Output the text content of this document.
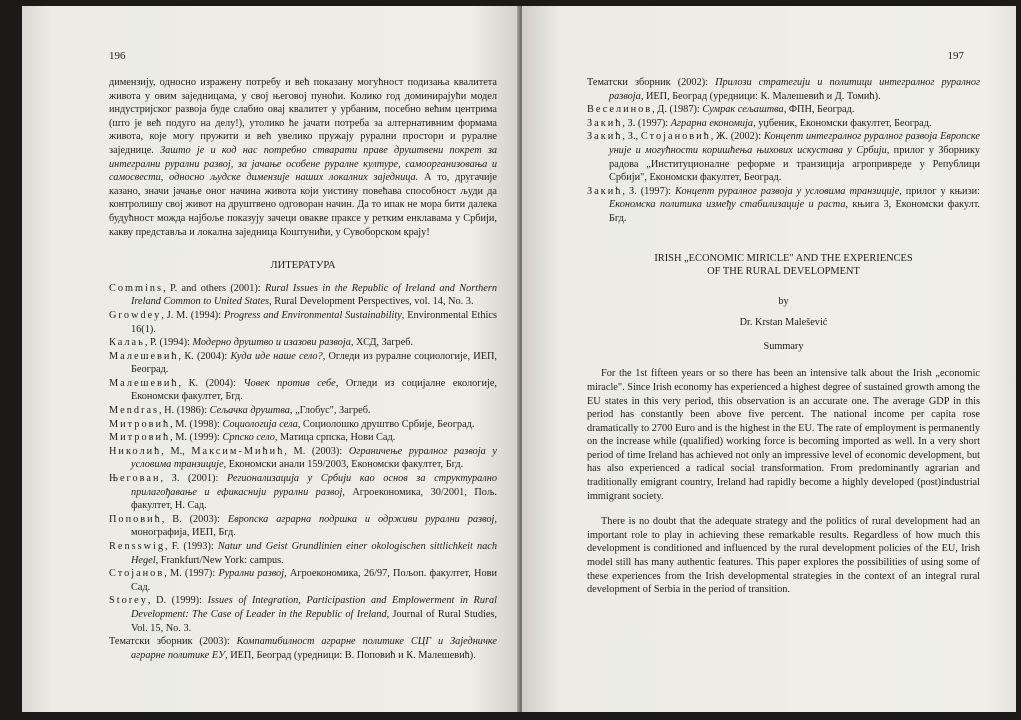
196

димензију, односно изражену потребу и већ показану могућност подизања квалитета живота у овим заједницама, у свој његовој пуноћи. Колико год доминирајући модел индустријског развоја буде слабио овај квалитет у урбаним, посебно већим центрима (што је већ подуго на делу!), утолико ће јачати потреба за алтернативним формама живота, које могу пружити и већ увелико пружају рурални простори и руралне заједнице. Зашто је и код нас потребно стварати праве друштвени покрет за интегрални рурални развој, за јачање особене руралне културе, самоорганизовања и самосвести, односно људске димензије наших локалних заједница. А то, другачије казано, значи јачање оног начина живота који уистину повећава способност људи да контролишу свој живот на друштвено одговоран начин. Да то ипак не мора бити далека будућност можда најбоље показују зачеци овакве праксе у ретким енклавама у Србији, какву представља и локална заједница Коштунићи, у Сувоборском крају!

ЛИТЕРАТУРА

Commins, P. and others (2001): Rural Issues in the Republic of Ireland and Northern Ireland Common to United States, Rural Development Perspectives, vol. 14, No. 3.

Growdey, J. M. (1994): Progress and Environmental Sustainability, Environmental Ethics 16(1).

Калаь, Р. (1994): Модерно друштво и изазови развоја, ХСД, Загреб.

Малешевић, К. (2004): Куда иде наше село?, Огледи из руралне социологије, ИЕП, Београд.

Малешевић, К. (2004): Човек против себе, Огледи из социјалне екологије, Економски факултет, Бгд.

Mendras, H. (1986): Сељачка друштва, „Глобус", Загреб.

Митровић, М. (1998): Социологија села, Социолошко друштво Србије, Београд.

Митровић, М. (1999): Српско село, Матица српска, Нови Сад.

Николић, М., Максим-Мићић, М. (2003): Ограничење руралног развоја у условима транзиције, Економски анали 159/2003, Економски факултет, Бгд.

Његован, З. (2001): Регионализација у Србији као основ за структурално прилагођавање и ефикаснији рурални развој, Агроекономика, 30/2001, Пољ. факултет, Н. Сад.

Поповић, В. (2003): Европска аграрна подршка и одрживи рурални развој, монографија, ИЕП, Бгд.

Rensswig, F. (1993): Natur und Geist Grundlinien einer okologischen sittlichkeit nach Hegel, Frankfurt/New York: campus.

Стојанов, М. (1997): Рурални развој, Агроекономика, 26/97, Пољоп. факултет, Нови Сад.

Storey, D. (1999): Issues of Integration, Participastion and Emplowerment in Rural Development: The Case of Leader in the Republic of Ireland, Journal of Rural Studies, Vol. 15, No. 3.

Тематски зборник (2003): Компатибилност аграрне политике СЦГ и Заједничке аграрне политике ЕУ, ИЕП, Београд (уредници: В. Поповић и К. Малешевић).

197

Тематски зборник (2002): Прилози стратегији и политици интегралног руралног развоја, ИЕП, Београд (уредници: К. Малешевић и Д. Томић).

Веселинов, Д. (1987): Сумрак сељаштва, ФПН, Београд.

Закић, З. (1997): Аграрна економија, уџбеник, Економски факултет, Београд.

Закић, З., Стојановић, Ж. (2002): Концепт интегралног руралног развоја Европске уније и могућности коришћења њихових искустава у Србији, прилог у Зборнику радова „Институционалне реформе и транзиција агропривреде у Републици Србији", Економски факултет, Београд.

Закић, З. (1997): Концепт руралног развоја у условима транзиције, прилог у књизи: Економска политика између стабилизације и раста, књига 3, Економски факулт. Бгд.

IRISH „ECONOMIC MIRICLE" AND THE EXPERIENCES
OF THE RURAL DEVELOPMENT

by

Dr. Krstan Malešević

Summary

For the 1st fifteen years or so there has been an intensive talk about the Irish „economic miracle". Since Irish economy has experienced a highest degree of sustained growth among the EU states in this very period, this observation is an accurate one. The average GDP in this period has constantly been above five percent. The national income per capita rose dramatically to 2700 Euro and is the highest in the EU. The rate of employment is permanently on the increase while (qualified) working force is becoming imported as well. In a very short period of time Ireland has achieved not only an impressive level of economic development, but has also experienced a radical social transformation. From predominantly agrarian and traditionally emigrant country, Ireland had rapidly become a highly developed (post)industrial immigrant society.

There is no doubt that the adequate strategy and the politics of rural development had an important role to play in achieving these remarkable results. Regardless of how much this development is conditioned and influenced by the rural development policies of the EU, Irish model still has many authentic features. This paper explores the possibilities of using some of these experiences from the Irish developmental strategies in the context of an integral rural development of Serbia in the period of transition.
